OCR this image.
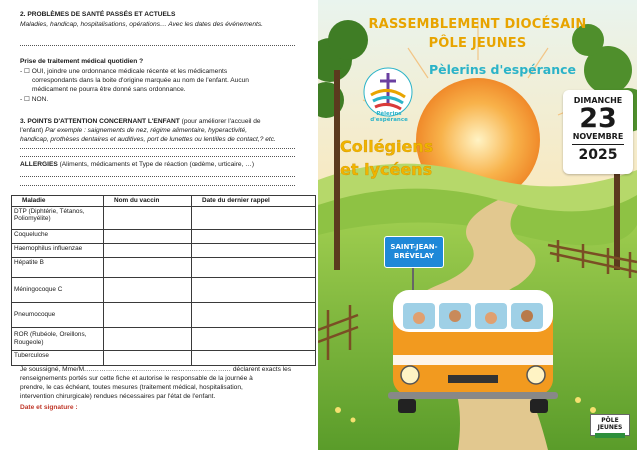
2. PROBLÈMES DE SANTÉ PASSÉS ET ACTUELS
Maladies, handicap, hospitalisations, opérations… Avec les dates des événements.
Prise de traitement médical quotidien ?
- ☐ OUI, joindre une ordonnance médicale récente et les médicaments
correspondants dans la boite d'origine marquée au nom de l'enfant. Aucun
médicament ne pourra être donné sans ordonnance.
- ☐ NON.
3. POINTS D'ATTENTION CONCERNANT L'ENFANT (pour améliorer l'accueil de
l'enfant) Par exemple : saignements de nez, régime alimentaire, hyperactivité,
handicap, prothèses dentaires et auditives, port de lunettes ou lentilles de contact,? etc.
ALLERGIES (Aliments, médicaments et Type de réaction (œdème, urticaire, …)
Maladie	Nom du vaccin	Date du dernier rappel
DTP (Diphtérie, Tétanos, Poliomyélite)		
Coqueluche		
Haemophilus influenzae		
Hépatite B		
Méningocoque C		
Pneumocoque		
ROR (Rubéole, Oreillons, Rougeole)		
Tuberculose		
Je soussigné, Mme/M.………………………………………………………… déclarent exacts les
renseignements portés sur cette fiche et autorise le responsable de la journée à
prendre, le cas échéant, toutes mesures (traitement médical, hospitalisation,
intervention chirurgicale) rendues nécessaires par l'état de l'enfant.
Date et signature :
RASSEMBLEMENT DIOCÉSAIN
PÔLE JEUNES
Pèlerins d'espérance
Pèlerins d'espérance
DIMANCHE
23
NOVEMBRE
2025
Collégiens
et lycéens
SAINT-JEAN-
BRÉVELAY
PÔLE JEUNES
